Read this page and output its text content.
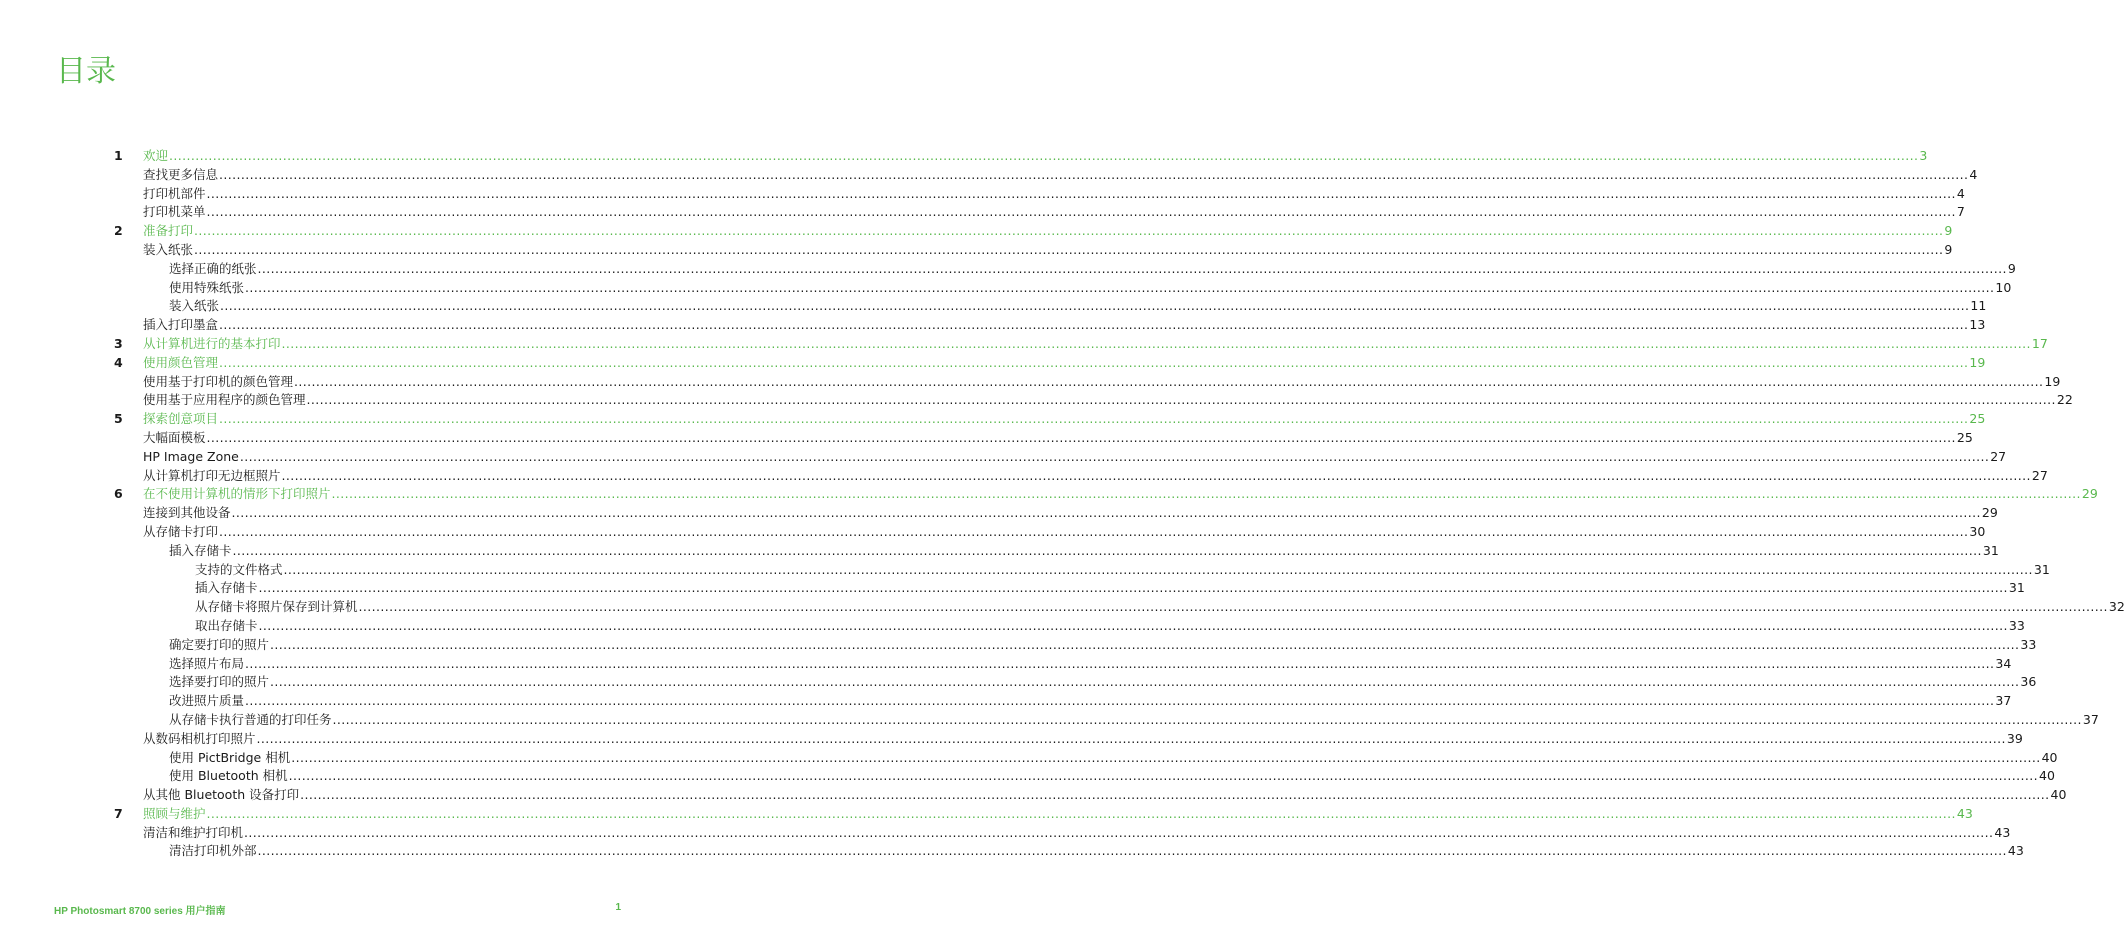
目录
1	欢迎 ................................................................................................................................................................................................................................................................................................................................................................................................................ 3
查找更多信息 ................................................................................................................................................................................................................................................................................................................................................................................................................ 4
打印机部件 ................................................................................................................................................................................................................................................................................................................................................................................................................ 4
打印机菜单 ................................................................................................................................................................................................................................................................................................................................................................................................................ 7
2	准备打印 ................................................................................................................................................................................................................................................................................................................................................................................................................ 9
装入纸张 ................................................................................................................................................................................................................................................................................................................................................................................................................ 9
选择正确的纸张 ................................................................................................................................................................................................................................................................................................................................................................................................................ 9
使用特殊纸张 ................................................................................................................................................................................................................................................................................................................................................................................................................ 10
装入纸张 ................................................................................................................................................................................................................................................................................................................................................................................................................ 11
插入打印墨盒 ................................................................................................................................................................................................................................................................................................................................................................................................................ 13
3	从计算机进行的基本打印 ................................................................................................................................................................................................................................................................................................................................................................................................................ 17
4	使用颜色管理 ................................................................................................................................................................................................................................................................................................................................................................................................................ 19
使用基于打印机的颜色管理 ................................................................................................................................................................................................................................................................................................................................................................................................................ 19
使用基于应用程序的颜色管理 ................................................................................................................................................................................................................................................................................................................................................................................................................ 22
5	探索创意项目 ................................................................................................................................................................................................................................................................................................................................................................................................................ 25
大幅面模板 ................................................................................................................................................................................................................................................................................................................................................................................................................ 25
HP Image Zone ................................................................................................................................................................................................................................................................................................................................................................................................................ 27
从计算机打印无边框照片 ................................................................................................................................................................................................................................................................................................................................................................................................................ 27
6	在不使用计算机的情形下打印照片 ................................................................................................................................................................................................................................................................................................................................................................................................................ 29
连接到其他设备 ................................................................................................................................................................................................................................................................................................................................................................................................................ 29
从存储卡打印 ................................................................................................................................................................................................................................................................................................................................................................................................................ 30
插入存储卡 ................................................................................................................................................................................................................................................................................................................................................................................................................ 31
支持的文件格式 ................................................................................................................................................................................................................................................................................................................................................................................................................ 31
插入存储卡 ................................................................................................................................................................................................................................................................................................................................................................................................................ 31
从存储卡将照片保存到计算机 ................................................................................................................................................................................................................................................................................................................................................................................................................ 32
取出存储卡 ................................................................................................................................................................................................................................................................................................................................................................................................................ 33
确定要打印的照片 ................................................................................................................................................................................................................................................................................................................................................................................................................ 33
选择照片布局 ................................................................................................................................................................................................................................................................................................................................................................................................................ 34
选择要打印的照片 ................................................................................................................................................................................................................................................................................................................................................................................................................ 36
改进照片质量 ................................................................................................................................................................................................................................................................................................................................................................................................................ 37
从存储卡执行普通的打印任务 ................................................................................................................................................................................................................................................................................................................................................................................................................ 37
从数码相机打印照片 ................................................................................................................................................................................................................................................................................................................................................................................................................ 39
使用 PictBridge 相机 ................................................................................................................................................................................................................................................................................................................................................................................................................ 40
使用 Bluetooth 相机 ................................................................................................................................................................................................................................................................................................................................................................................................................ 40
从其他 Bluetooth 设备打印 ................................................................................................................................................................................................................................................................................................................................................................................................................ 40
7	照顾与维护 ................................................................................................................................................................................................................................................................................................................................................................................................................ 43
清洁和维护打印机 ................................................................................................................................................................................................................................................................................................................................................................................................................ 43
清洁打印机外部 ................................................................................................................................................................................................................................................................................................................................................................................................................ 43
HP Photosmart 8700 series 用户指南	1
